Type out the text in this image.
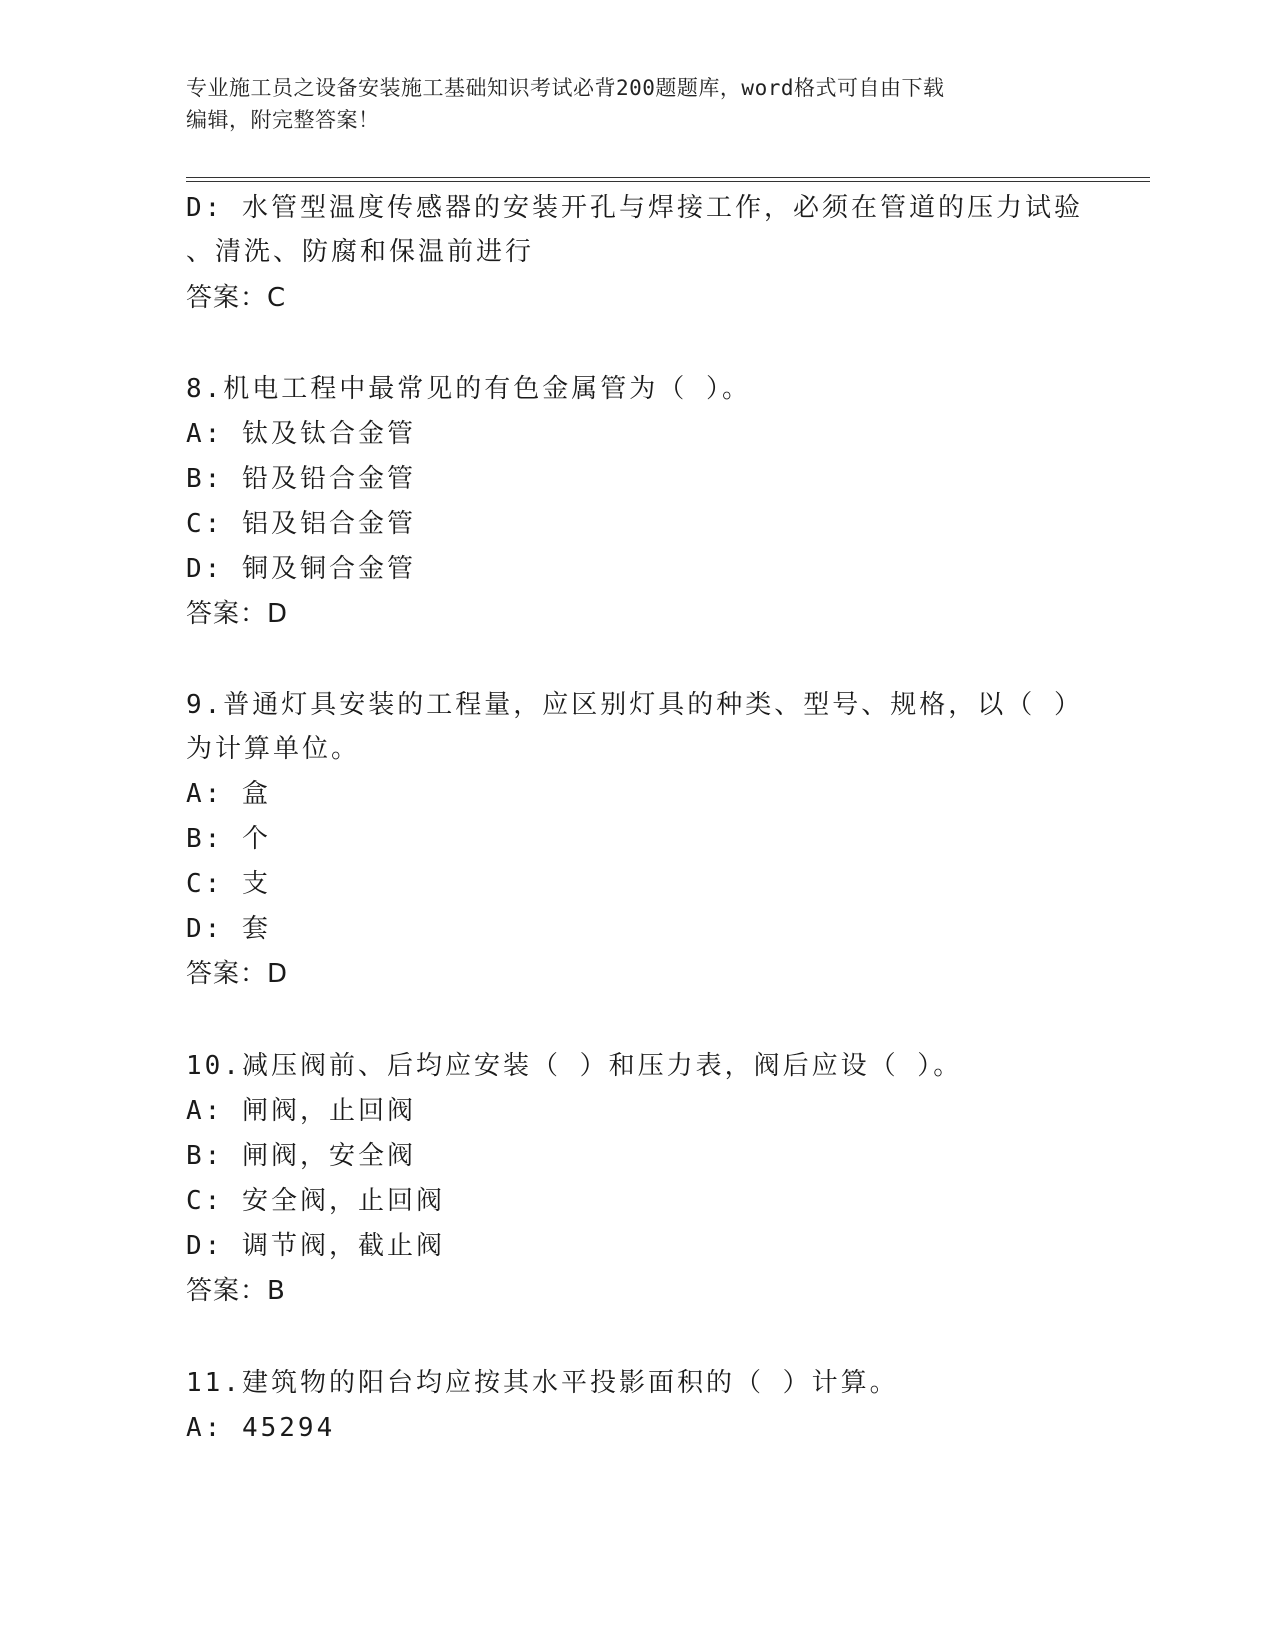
专业施工员之设备安装施工基础知识考试必背200题题库，word格式可自由下载
编辑，附完整答案！
D: 水管型温度传感器的安装开孔与焊接工作，必须在管道的压力试验
、清洗、防腐和保温前进行
答案：C
8.机电工程中最常见的有色金属管为（ ）。
A: 钛及钛合金管
B: 铅及铅合金管
C: 铝及铝合金管
D: 铜及铜合金管
答案：D
9.普通灯具安装的工程量，应区别灯具的种类、型号、规格，以（ ）
为计算单位。
A: 盒
B: 个
C: 支
D: 套
答案：D
10.减压阀前、后均应安装（ ）和压力表，阀后应设（ ）。
A: 闸阀，止回阀
B: 闸阀，安全阀
C: 安全阀，止回阀
D: 调节阀，截止阀
答案：B
11.建筑物的阳台均应按其水平投影面积的（ ）计算。
A: 45294
